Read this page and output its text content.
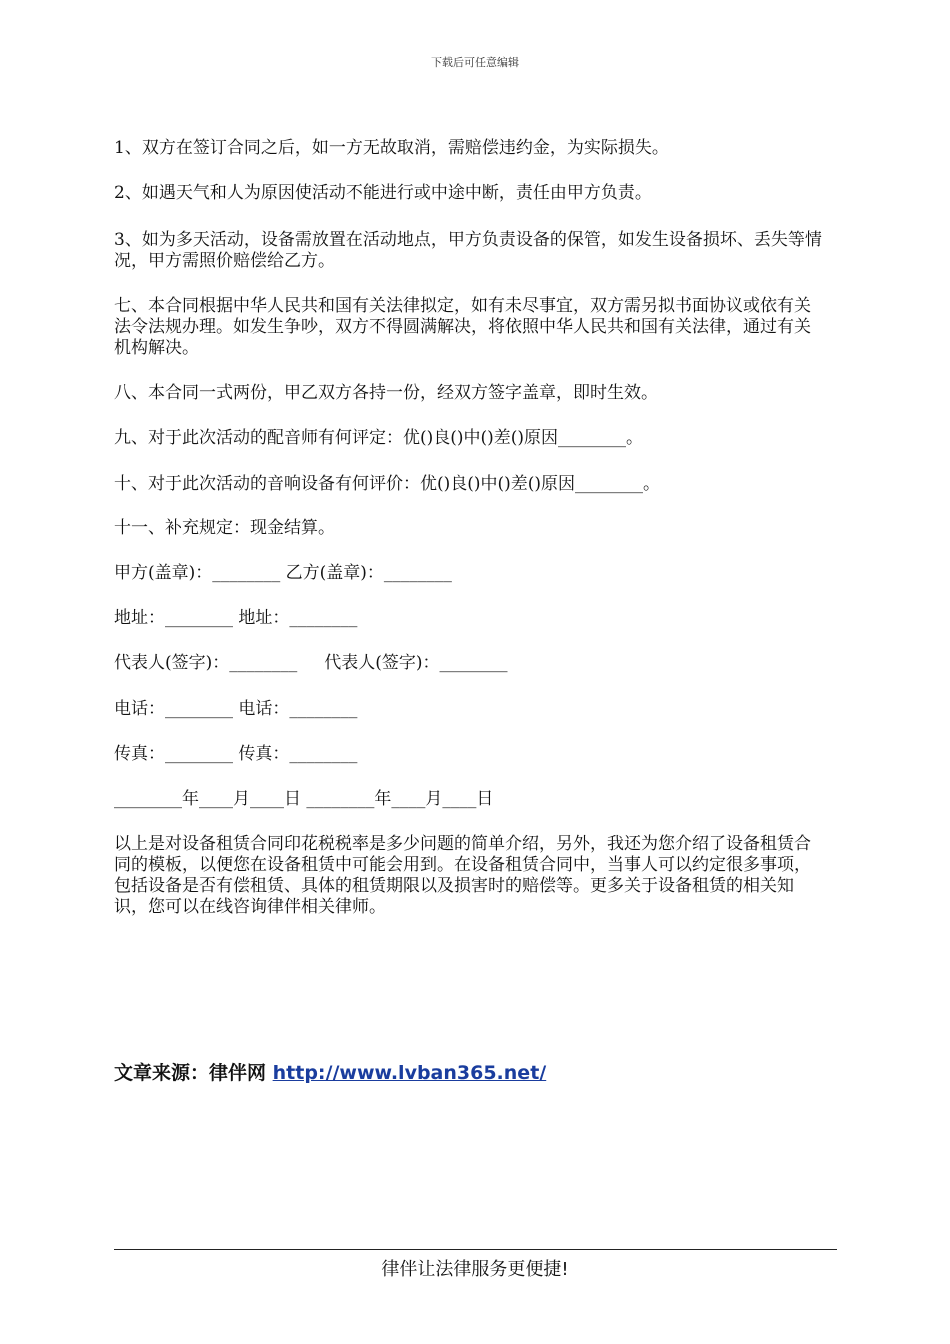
下载后可任意编辑

1、双方在签订合同之后，如一方无故取消，需赔偿违约金，为实际损失。

2、如遇天气和人为原因使活动不能进行或中途中断，责任由甲方负责。

3、如为多天活动，设备需放置在活动地点，甲方负责设备的保管，如发生设备损坏、丢失等情况，甲方需照价赔偿给乙方。

七、本合同根据中华人民共和国有关法律拟定，如有未尽事宜，双方需另拟书面协议或依有关法令法规办理。如发生争吵，双方不得圆满解决，将依照中华人民共和国有关法律，通过有关机构解决。

八、本合同一式两份，甲乙双方各持一份，经双方签字盖章，即时生效。

九、对于此次活动的配音师有何评定：优()良()中()差()原因________。

十、对于此次活动的音响设备有何评价：优()良()中()差()原因________。

十一、补充规定：现金结算。

甲方(盖章)：________ 乙方(盖章)：________

地址：________ 地址：________

代表人(签字)：________     代表人(签字)：________

电话：________ 电话：________

传真：________ 传真：________

________年____月____日 ________年____月____日

以上是对设备租赁合同印花税税率是多少问题的简单介绍，另外，我还为您介绍了设备租赁合同的模板，以便您在设备租赁中可能会用到。在设备租赁合同中，当事人可以约定很多事项，包括设备是否有偿租赁、具体的租赁期限以及损害时的赔偿等。更多关于设备租赁的相关知识，您可以在线咨询律伴相关律师。

文章来源：律伴网 http://www.lvban365.net/
律伴让法律服务更便捷!
